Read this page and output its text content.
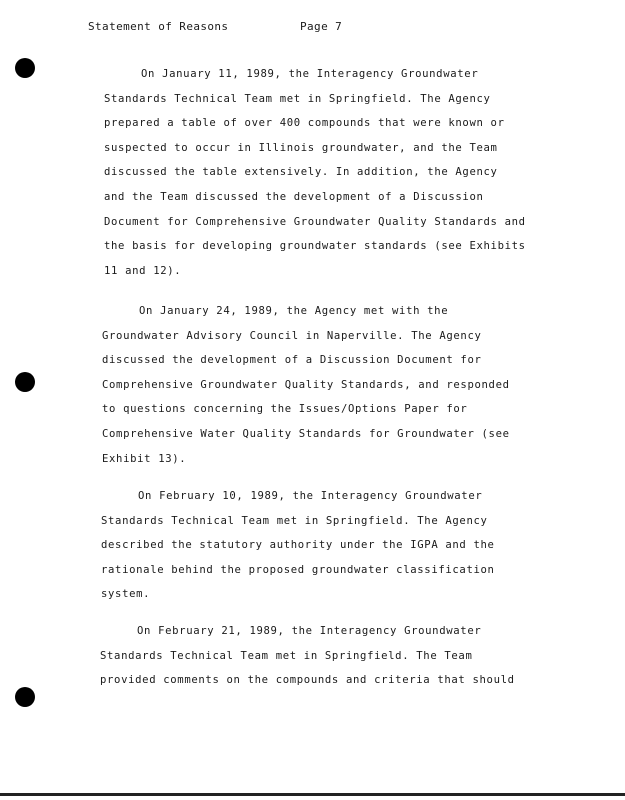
Statement of Reasons	Page 7
On January 11, 1989, the Interagency Groundwater
Standards Technical Team met in Springfield. The Agency
prepared a table of over 400 compounds that were known or
suspected to occur in Illinois groundwater, and the Team
discussed the table extensively. In addition, the Agency
and the Team discussed the development of a Discussion
Document for Comprehensive Groundwater Quality Standards and
the basis for developing groundwater standards (see Exhibits
11 and 12).
On January 24, 1989, the Agency met with the
Groundwater Advisory Council in Naperville. The Agency
discussed the development of a Discussion Document for
Comprehensive Groundwater Quality Standards, and responded
to questions concerning the Issues/Options Paper for
Comprehensive Water Quality Standards for Groundwater (see
Exhibit 13).
On February 10, 1989, the Interagency Groundwater
Standards Technical Team met in Springfield. The Agency
described the statutory authority under the IGPA and the
rationale behind the proposed groundwater classification
system.
On February 21, 1989, the Interagency Groundwater
Standards Technical Team met in Springfield. The Team
provided comments on the compounds and criteria that should
